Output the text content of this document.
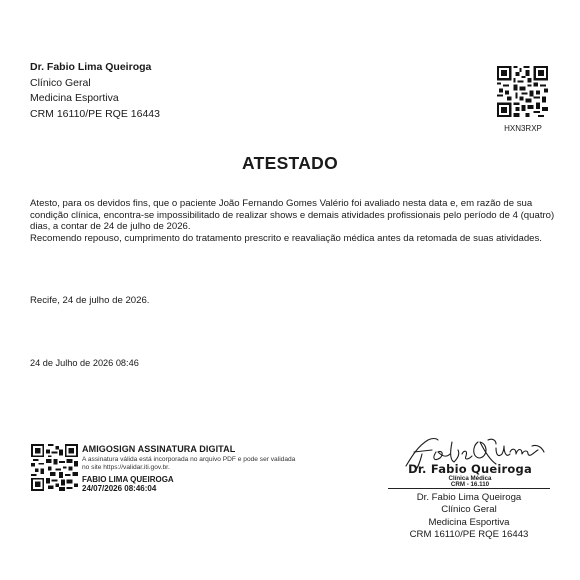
Dr. Fabio Lima Queiroga
Clínico Geral
Medicina Esportiva
CRM 16110/PE RQE 16443
HXN3RXP
ATESTADO
Atesto, para os devidos fins, que o paciente João Fernando Gomes Valério foi avaliado nesta data e, em razão de sua condição clínica, encontra-se impossibilitado de realizar shows e demais atividades profissionais pelo período de 4 (quatro) dias, a contar de 24 de julho de 2026.
Recomendo repouso, cumprimento do tratamento prescrito e reavaliação médica antes da retomada de suas atividades.
Recife, 24 de julho de 2026.
24 de Julho de 2026 08:46
AMIGOSIGN ASSINATURA DIGITAL
A assinatura válida está incorporada no arquivo PDF e pode ser validada no site https://validar.iti.gov.br.
FABIO LIMA QUEIROGA
24/07/2026 08:46:04
Dr. Fabio Queiroga
Clínica Médica
CRM - 16.110
Dr. Fabio Lima Queiroga
Clínico Geral
Medicina Esportiva
CRM 16110/PE RQE 16443
